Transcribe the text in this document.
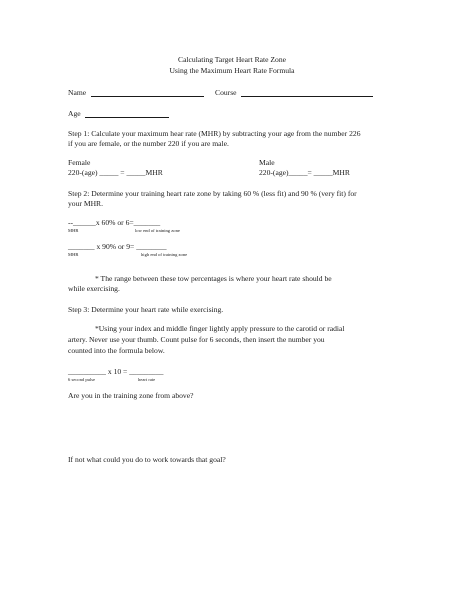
Calculating Target Heart Rate Zone
Using the Maximum Heart Rate Formula
Name	Course
Age
Step 1: Calculate your maximum hear rate (MHR) by subtracting your age from the number 226
if you are female, or the number 220 if you are male.
Female	Male
220-(age) _____ = _____MHR	220-(age)_____= _____MHR
Step 2: Determine your training heart rate zone by taking 60 % (less fit) and 90 % (very fit) for
your MHR.
--______x 60% or 6=_______
MHR	low end of training zone
_______ x 90% or 9= ________
MHR	high end of training zone
* The range between these tow percentages is where your heart rate should be
while exercising.
Step 3: Determine your heart rate while exercising.
*Using your index and middle finger lightly apply pressure to the carotid or radial
artery. Never use your thumb. Count pulse for 6 seconds, then insert the number you
counted into the formula below.
__________ x 10 = _________
6 second pulse	heart rate
Are you in the training zone from above?
If not what could you do to work towards that goal?
